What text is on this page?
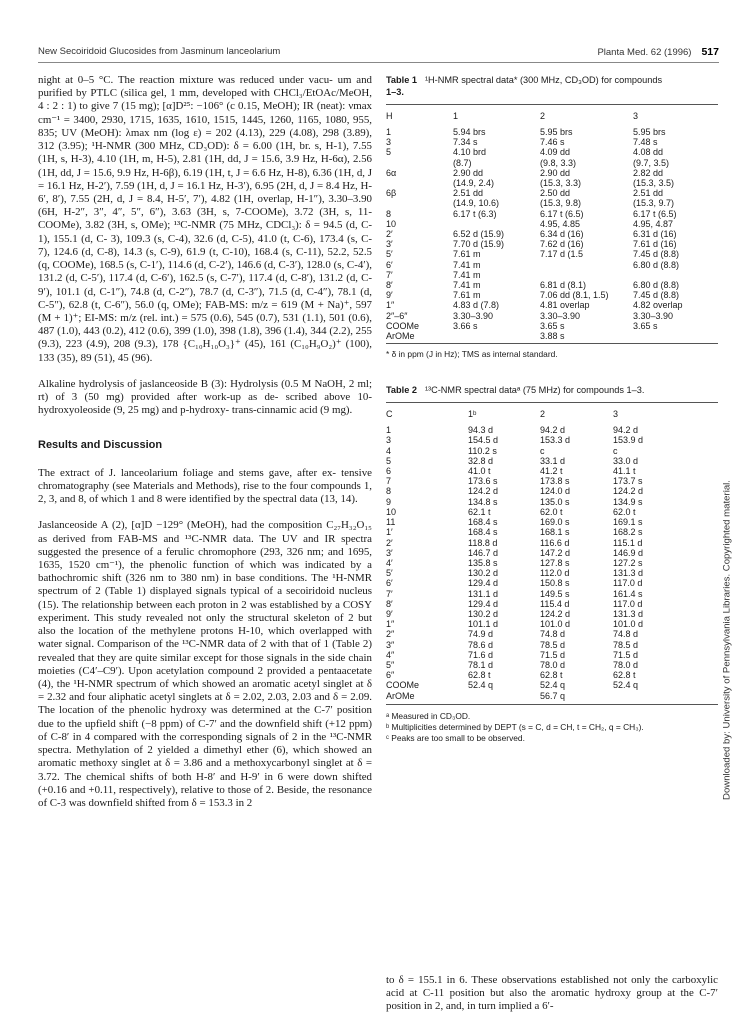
New Secoiridoid Glucosides from Jasminum lanceolarium	Planta Med. 62 (1996) 517

night at 0–5 °C. The reaction mixture was reduced under vacu- um and purified by PTLC (silica gel, 1 mm, developed with CHCl₃/EtOAc/MeOH, 4 : 2 : 1) to give 7 (15 mg); [α]D²⁵: −106° (c 0.15, MeOH); IR (neat): νmax cm⁻¹ = 3400, 2930, 1715, 1635, 1610, 1515, 1445, 1260, 1165, 1080, 955, 835; UV (MeOH): λmax nm (log ε) = 202 (4.13), 229 (4.08), 298 (3.89), 312 (3.95); ¹H-NMR (300 MHz, CD₃OD): δ = 6.00 (1H, br. s, H-1), 7.55 (1H, s, H-3), 4.10 (1H, m, H-5), 2.81 (1H, dd, J = 15.6, 3.9 Hz, H-6α), 2.56 (1H, dd, J = 15.6, 9.9 Hz, H-6β), 6.19 (1H, t, J = 6.6 Hz, H-8), 6.36 (1H, d, J = 16.1 Hz, H-2′), 7.59 (1H, d, J = 16.1 Hz, H-3′), 6.95 (2H, d, J = 8.4 Hz, H-6′, 8′), 7.55 (2H, d, J = 8.4, H-5′, 7′), 4.82 (1H, overlap, H-1″), 3.30–3.90 (6H, H-2″, 3″, 4″, 5″, 6″), 3.63 (3H, s, 7-COOMe), 3.72 (3H, s, 11-COOMe), 3.82 (3H, s, OMe); ¹³C-NMR (75 MHz, CDCl₃): δ = 94.5 (d, C-1), 155.1 (d, C- 3), 109.3 (s, C-4), 32.6 (d, C-5), 41.0 (t, C-6), 173.4 (s, C-7), 124.6 (d, C-8), 14.3 (s, C-9), 61.9 (t, C-10), 168.4 (s, C-11), 52.2, 52.5 (q, COOMe), 168.5 (s, C-1′), 114.6 (d, C-2′), 146.6 (d, C-3′), 128.0 (s, C-4′), 131.2 (d, C-5′), 117.4 (d, C-6′), 162.5 (s, C-7′), 117.4 (d, C-8′), 131.2 (d, C-9′), 101.1 (d, C-1″), 74.8 (d, C-2″), 78.7 (d, C-3″), 71.5 (d, C-4″), 78.1 (d, C-5″), 62.8 (t, C-6″), 56.0 (q, OMe); FAB-MS: m/z = 619 (M + Na)⁺, 597 (M + 1)⁺; EI-MS: m/z (rel. int.) = 575 (0.6), 545 (0.7), 531 (1.1), 501 (0.6), 487 (1.0), 443 (0.2), 412 (0.6), 399 (1.0), 398 (1.8), 396 (1.4), 344 (2.2), 255 (9.3), 223 (4.9), 208 (9.3), 178 {C₁₀H₁₀O₃}⁺ (45), 161 (C₁₀H₉O₂)⁺ (100), 133 (35), 89 (51), 45 (96).

Alkaline hydrolysis of jaslanceoside B (3): Hydrolysis (0.5 M NaOH, 2 ml; rt) of 3 (50 mg) provided after work-up as de- scribed above 10-hydroxyoleoside (9, 25 mg) and p-hydroxy- trans-cinnamic acid (9 mg).

Results and Discussion

The extract of J. lanceolarium foliage and stems gave, after ex- tensive chromatography (see Materials and Methods), rise to the four compounds 1, 2, 3, and 8, of which 1 and 8 were identified by the spectral data (13, 14).

Jaslanceoside A (2), [α]D −129° (MeOH), had the composition C₂₇H₃₂O₁₅ as derived from FAB-MS and ¹³C-NMR data. The UV and IR spectra suggested the presence of a ferulic chromophore (293, 326 nm; and 1695, 1635, 1520 cm⁻¹), the phenolic function of which was indicated by a bathochromic shift (326 nm to 380 nm) in base conditions. The ¹H-NMR spectrum of 2 (Table 1) displayed signals typical of a secoiridoid nucleus (15). The relationship between each proton in 2 was established by a COSY experiment. This study revealed not only the structural skeleton of 2 but also the location of the methylene protons H-10, which overlapped with water signal. Comparison of the ¹³C-NMR data of 2 with that of 1 (Table 2) revealed that they are quite similar except for those signals in the side chain moieties (C4′–C9′). Upon acetylation compound 2 provided a pentaacetate (4), the ¹H-NMR spectrum of which showed an aromatic acetyl singlet at δ = 2.32 and four aliphatic acetyl singlets at δ = 2.02, 2.03, 2.03 and δ = 2.09. The location of the phenolic hydroxy was determined at the C-7′ position due to the upfield shift (−8 ppm) of C-7′ and the downfield shift (+12 ppm) of C-8′ in 4 compared with the corresponding signals of 2 in the ¹³C-NMR spectra. Methylation of 2 yielded a dimethyl ether (6), which showed an aromatic methoxy singlet at δ = 3.86 and a methoxycarbonyl singlet at δ = 3.72. The chemical shifts of both H-8′ and H-9′ in 6 were down shifted (+0.16 and +0.11, respectively), relative to those of 2. Beside, the resonance of C-3 was downfield shifted from δ = 153.3 in 2

Table 1 ¹H-NMR spectral data* (300 MHz, CD₃OD) for compounds
1–3.
H	1	2	3
1	5.94 brs	5.95 brs	5.95 brs
3	7.34 s	7.46 s	7.48 s
5	4.10 brd	4.09 dd	4.08 dd
	(8.7)	(9.8, 3.3)	(9.7, 3.5)
6α	2.90 dd	2.90 dd	2.82 dd
	(14.9, 2.4)	(15.3, 3.3)	(15.3, 3.5)
6β	2.51 dd	2.50 dd	2.51 dd
	(14.9, 10.6)	(15.3, 9.8)	(15.3, 9.7)
8	6.17 t (6.3)	6.17 t (6.5)	6.17 t (6.5)
10		4.95, 4.85	4.95, 4.87
2′	6.52 d (15.9)	6.34 d (16)	6.31 d (16)
3′	7.70 d (15.9)	7.62 d (16)	7.61 d (16)
5′	7.61 m	7.17 d (1.5	7.45 d (8.8)
6′	7.41 m		6.80 d (8.8)
7′	7.41 m		
8′	7.41 m	6.81 d (8.1)	6.80 d (8.8)
9′	7.61 m	7.06 dd (8.1, 1.5)	7.45 d (8.8)
1″	4.83 d (7.8)	4.81 overlap	4.82 overlap
2″–6″	3.30–3.90	3.30–3.90	3.30–3.90
COOMe	3.66 s	3.65 s	3.65 s
ArOMe		3.88 s	
* δ in ppm (J in Hz); TMS as internal standard.
Table 2 ¹³C-NMR spectral dataᵃ (75 MHz) for compounds 1–3.
C	1ᵇ	2	3
1	94.3 d	94.2 d	94.2 d
3	154.5 d	153.3 d	153.9 d
4	110.2 s	c	c
5	32.8 d	33.1 d	33.0 d
6	41.0 t	41.2 t	41.1 t
7	173.6 s	173.8 s	173.7 s
8	124.2 d	124.0 d	124.2 d
9	134.8 s	135.0 s	134.9 s
10	62.1 t	62.0 t	62.0 t
11	168.4 s	169.0 s	169.1 s
1′	168.4 s	168.1 s	168.2 s
2′	118.8 d	116.6 d	115.1 d
3′	146.7 d	147.2 d	146.9 d
4′	135.8 s	127.8 s	127.2 s
5′	130.2 d	112.0 d	131.3 d
6′	129.4 d	150.8 s	117.0 d
7′	131.1 d	149.5 s	161.4 s
8′	129.4 d	115.4 d	117.0 d
9′	130.2 d	124.2 d	131.3 d
1″	101.1 d	101.0 d	101.0 d
2″	74.9 d	74.8 d	74.8 d
3″	78.6 d	78.5 d	78.5 d
4″	71.6 d	71.5 d	71.5 d
5″	78.1 d	78.0 d	78.0 d
6″	62.8 t	62.8 t	62.8 t
COOMe	52.4 q	52.4 q	52.4 q
ArOMe		56.7 q	
ᵃ Measured in CD₃OD.
ᵇ Multiplicities determined by DEPT (s = C, d = CH, t = CH₂, q = CH₃).
ᶜ Peaks are too small to be observed.

to δ = 155.1 in 6. These observations established not only the carboxylic acid at C-11 position but also the aromatic hydroxy group at the C-7′ position in 2, and, in turn implied a 6′-

Downloaded by: University of Pennsylvania Libraries. Copyrighted material.
